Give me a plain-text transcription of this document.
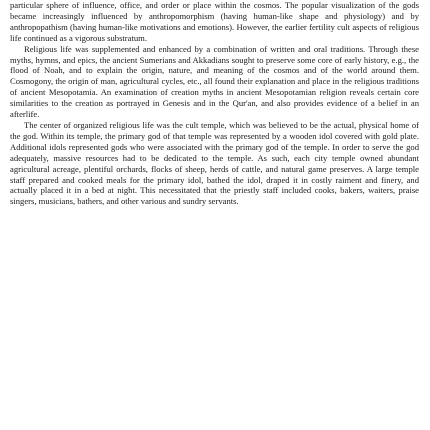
particular sphere of influence, office, and order or place within the cosmos. The popular visualization of the gods became increasingly influenced by anthropomorphism (having human-like shape and physiology) and by anthropopathism (having human-like motivations and emotions). However, the earlier fertility cult aspects of religious life continued as a vigorous substratum.

Religious life was supplemented and enhanced by a combination of written and oral traditions. Through these myths, hymns, and epics, the ancient Sumerians and Akkadians sought to preserve some core of early history, e.g., the flood of Noah, and to explain the origin, nature, and meaning of the cosmos and of the world around them. Cosmogony, the origin of man, agricultural cycles, etc., all found their explanation and place in the religious traditions of ancient Mesopotamia. An examination of creation myths in ancient Mesopotamian religion reveals certain core similarities to the creation as portrayed in Genesis and in the Qur'an, and also provides evidence of a belief in an afterlife.

The center of organized religious life was the cult temple, which was believed to be the actual, physical home of the god. Within its temple, the primary god of that temple was represented by a wooden idol covered with gold plate. Additional idols represented gods who were associated with the primary god of the temple. In order to serve the god adequately, massive resources had to be dedicated to the temple. As such, each city temple owned abundant agricultural acreage, plentiful orchards, flocks of sheep, herds of cattle, and natural game preserves. A large temple staff prepared and cooked meals for the primary idol, bathed the idol, draped it in costly raiment and finery, and actually placed it in a bed at night. This necessitated that the priestly staff included cooks, bakers, waiters, praise singers, musicians, bathers, and other various and sundry servants.
